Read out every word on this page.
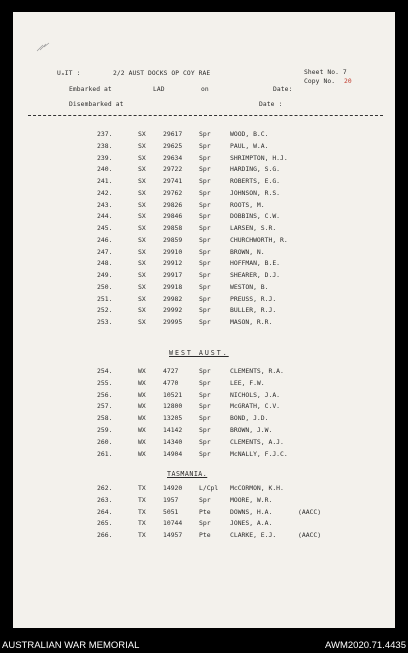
UₐIT :	2/2 AUST DOCKS OP COY RAE	Sheet No. 7
Copy No. 20
Embarked at	LAD	on	Date:
Disembarked at	Date :
237.	SX	29617	Spr	WOOD, B.C.
238.	SX	29625	Spr	PAUL, W.A.
239.	SX	29634	Spr	SHRIMPTON, H.J.
240.	SX	29722	Spr	HARDING, S.G.
241.	SX	29741	Spr	ROBERTS, E.G.
242.	SX	29762	Spr	JOHNSON, R.S.
243.	SX	29826	Spr	ROOTS, M.
244.	SX	29846	Spr	DOBBINS, C.W.
245.	SX	29858	Spr	LARSEN, S.R.
246.	SX	29859	Spr	CHURCHWORTH, R.
247.	SX	29910	Spr	BROWN, N.
248.	SX	29912	Spr	HOFFMAN, B.E.
249.	SX	29917	Spr	SHEARER, D.J.
250.	SX	29918	Spr	WESTON, B.
251.	SX	29982	Spr	PREUSS, R.J.
252.	SX	29992	Spr	BULLER, R.J.
253.	SX	29995	Spr	MASON, R.R.
WEST AUST.
254.	WX	4727	Spr	CLEMENTS, R.A.
255.	WX	4770	Spr	LEE, F.W.
256.	WX	10521	Spr	NICHOLS, J.A.
257.	WX	12800	Spr	McGRATH, C.V.
258.	WX	13205	Spr	BOND, J.D.
259.	WX	14142	Spr	BROWN, J.W.
260.	WX	14340	Spr	CLEMENTS, A.J.
261.	WX	14904	Spr	McNALLY, F.J.C.
TASMANIA.
262.	TX	14920	L/Cpl McCORMON, K.H.
263.	TX	1957	Spr	MOORE, W.R.
264.	TX	5051	Pte	DOWNS, H.A.	(AACC)
265.	TX	10744	Spr	JONES, A.A.
266.	TX	14957	Pte	CLARKE, E.J.	(AACC)
AUSTRALIAN WAR MEMORIAL	AWM2020.71.4435
